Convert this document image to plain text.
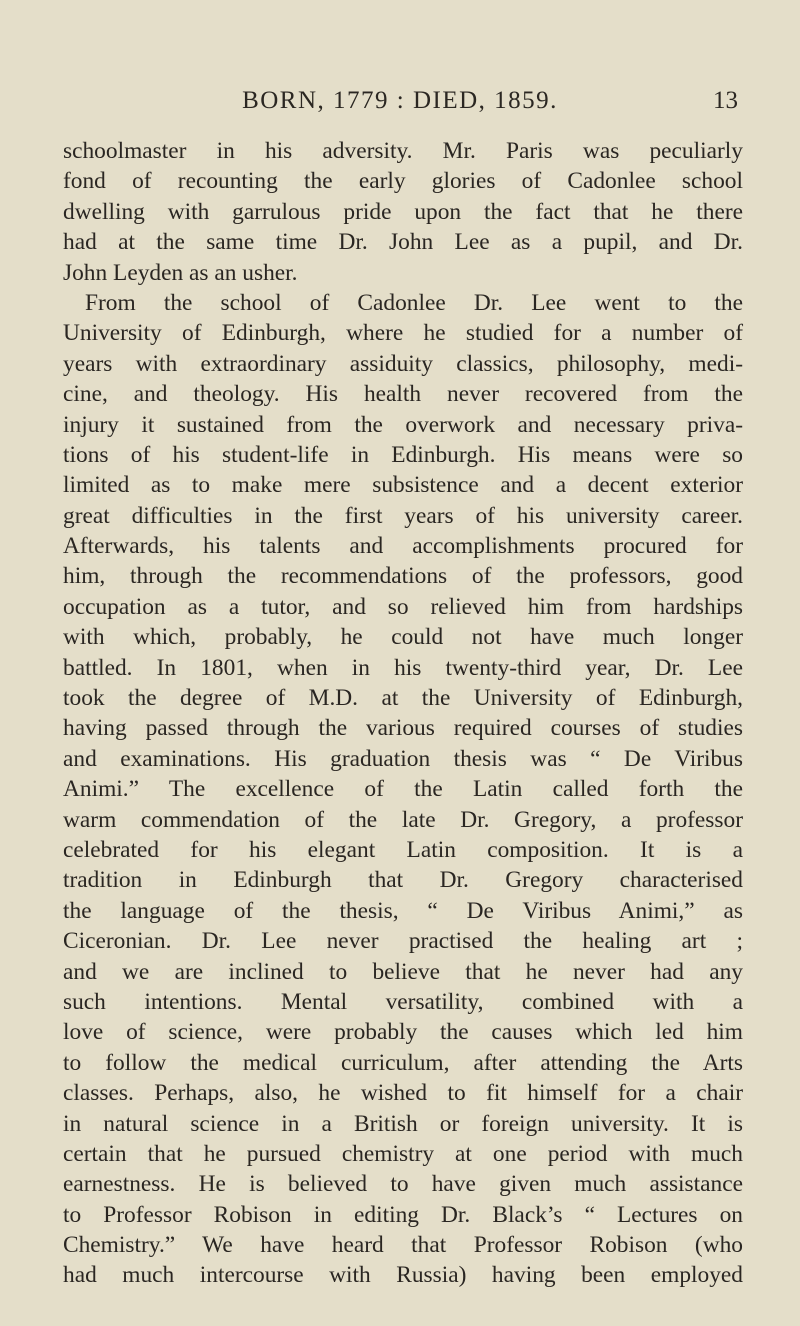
BORN, 1779 : DIED, 1859.	13
schoolmaster in his adversity. Mr. Paris was peculiarly
fond of recounting the early glories of Cadonlee school
dwelling with garrulous pride upon the fact that he there
had at the same time Dr. John Lee as a pupil, and Dr.
John Leyden as an usher.
From the school of Cadonlee Dr. Lee went to the
University of Edinburgh, where he studied for a number of
years with extraordinary assiduity classics, philosophy, medi-
cine, and theology. His health never recovered from the
injury it sustained from the overwork and necessary priva-
tions of his student-life in Edinburgh. His means were so
limited as to make mere subsistence and a decent exterior
great difficulties in the first years of his university career.
Afterwards, his talents and accomplishments procured for
him, through the recommendations of the professors, good
occupation as a tutor, and so relieved him from hardships
with which, probably, he could not have much longer
battled. In 1801, when in his twenty-third year, Dr. Lee
took the degree of M.D. at the University of Edinburgh,
having passed through the various required courses of studies
and examinations. His graduation thesis was “ De Viribus
Animi.” The excellence of the Latin called forth the
warm commendation of the late Dr. Gregory, a professor
celebrated for his elegant Latin composition. It is a
tradition in Edinburgh that Dr. Gregory characterised
the language of the thesis, “ De Viribus Animi,” as
Ciceronian. Dr. Lee never practised the healing art ;
and we are inclined to believe that he never had any
such intentions. Mental versatility, combined with a
love of science, were probably the causes which led him
to follow the medical curriculum, after attending the Arts
classes. Perhaps, also, he wished to fit himself for a chair
in natural science in a British or foreign university. It is
certain that he pursued chemistry at one period with much
earnestness. He is believed to have given much assistance
to Professor Robison in editing Dr. Black’s “ Lectures on
Chemistry.” We have heard that Professor Robison (who
had much intercourse with Russia) having been employed
